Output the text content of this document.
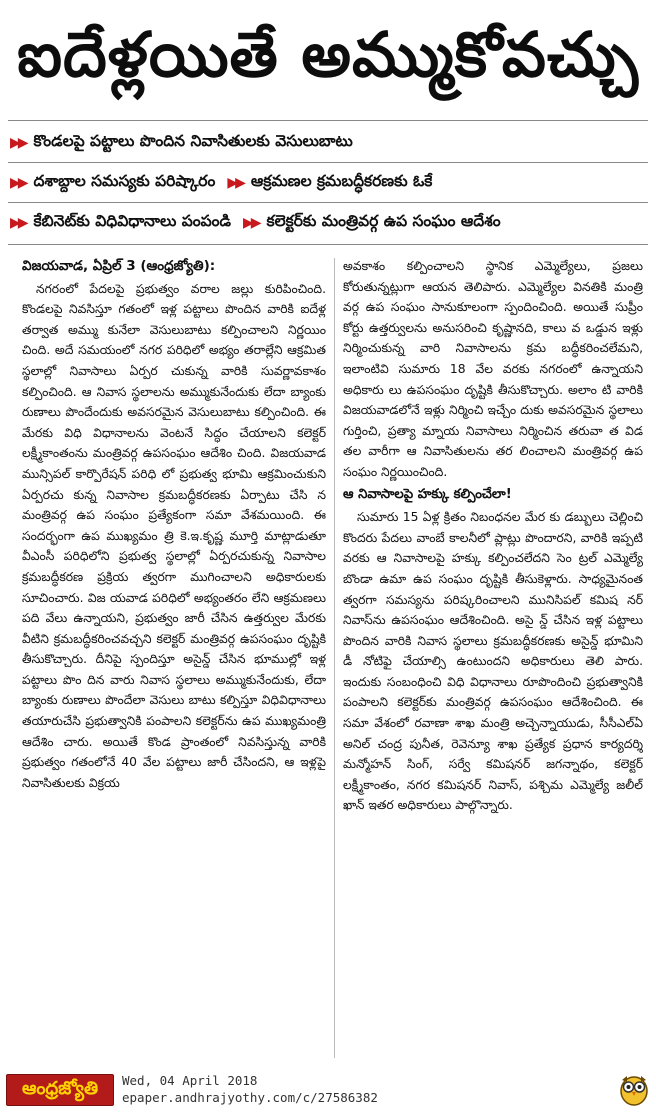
ఐదేళ్లయితే అమ్ముకోవచ్చు
▶▶ కొండలపై పట్టాలు పొందిన నివాసితులకు వెసులుబాటు
▶▶ దశాబ్దాల సమస్యకు పరిష్కారం ▶▶ ఆక్రమణల క్రమబద్ధీకరణకు ఓకే
▶▶ కేబినెట్‌కు విధివిధానాలు పంపండి ▶▶ కలెక్టర్‌కు మంత్రివర్గ ఉప సంఘం ఆదేశం

విజయవాడ, ఏప్రిల్ 3 (ఆంధ్రజ్యోతి):

నగరంలో పేదలపై ప్రభుత్వం వరాల జల్లు కురిపించింది. కొండలపై నివసిస్తూ గతంలో ఇళ్ల పట్టాలు పొందిన వారికి ఐదేళ్ల తర్వాత అమ్ము కునేలా వెసులుబాటు కల్పించాలని నిర్ణయిం చింది. అదే సమయంలో నగర పరిధిలో అభ్యం తరాల్లేని ఆక్రమిత స్థలాల్లో నివాసాలు ఏర్పర చుకున్న వారికి సువర్ణావకాశం కల్పించింది. ఆ నివాస స్థలాలను అమ్ముకునేందుకు లేదా బ్యాంకు రుణాలు పొందేందుకు అవసరమైన వెసులుబాటు కల్పించింది. ఈ మేరకు విధి విధానాలను వెంటనే సిద్ధం చేయాలని కలెక్టర్ లక్ష్మీకాంతంను మంత్రివర్గ ఉపసంఘం ఆదేశిం చింది. విజయవాడ మున్సిపల్ కార్పొరేషన్ పరిధి లో ప్రభుత్వ భూమి ఆక్రమించుకుని ఏర్పరచు కున్న నివాసాల క్రమబద్ధీకరణకు ఏర్పాటు చేసి న మంత్రివర్గ ఉప సంఘం ప్రత్యేకంగా సమా వేశమయింది. ఈ సందర్భంగా ఉప ముఖ్యమం త్రి కె.ఇ.కృష్ణ మూర్తి మాట్లాడుతూ వీఎంసీ పరిధిలోని ప్రభుత్వ స్థలాల్లో ఏర్పరచుకున్న నివాసాల క్రమబద్ధీకరణ ప్రక్రియ త్వరగా ముగించాలని అధికారులకు సూచించారు. విజ యవాడ పరిధిలో అభ్యంతరం లేని ఆక్రమణలు పది వేలు ఉన్నాయని, ప్రభుత్వం జారీ చేసిన ఉత్తర్వుల మేరకు వీటిని క్రమబద్ధీకరించవచ్చని కలెక్టర్ మంత్రివర్గ ఉపసంఘం దృష్టికి తీసుకొచ్చారు. దీనిపై స్పందిస్తూ అసైన్డ్ చేసిన భూముల్లో ఇళ్ల పట్టాలు పొం దిన వారు నివాస స్థలాలు అమ్ముకునేందుకు, లేదా బ్యాంకు రుణాలు పొందేలా వెసులు బాటు కల్పిస్తూ విధివిధానాలు తయారుచేసి ప్రభుత్వానికి పంపాలని కలెక్టర్‌ను ఉప ముఖ్యమంత్రి ఆదేశిం చారు. అయితే కొండ ప్రాంతంలో నివసిస్తున్న వారికి ప్రభుత్వం గతంలోనే 40 వేల పట్టాలు జారీ చేసిందని, ఆ ఇళ్లపై నివాసితులకు విక్రయ

అవకాశం కల్పించాలని స్థానిక ఎమ్మెల్యేలు, ప్రజలు కోరుతున్నట్లుగా ఆయన తెలిపారు. ఎమ్మెల్యేల వినతికి మంత్రి వర్గ ఉప సంఘం సానుకూలంగా స్పందించింది. అయితే సుప్రీం కోర్టు ఉత్తర్వులను అనుసరించి కృష్ణానది, కాలు వ ఒడ్డున ఇళ్లు నిర్మించుకున్న వారి నివాసాలను క్రమ బద్ధీకరించలేమని, ఇలాంటివి సుమారు 18 వేల వరకు నగరంలో ఉన్నాయని అధికారు లు ఉపసంఘం దృష్టికి తీసుకొచ్చారు. అలాం టి వారికి విజయవాడలోనే ఇళ్లు నిర్మించి ఇచ్చేం దుకు అవసరమైన స్థలాలు గుర్తించి, ప్రత్యా మ్నాయ నివాసాలు నిర్మించిన తరువా త విడ తల వారీగా ఆ నివాసితులను తర లించాలని మంత్రివర్గ ఉప సంఘం నిర్ణయించింది.

ఆ నివాసాలపై హక్కు కల్పించేలా!

సుమారు 15 ఏళ్ల క్రితం నిబంధనల మేర కు డబ్బులు చెల్లించి కొందరు పేదలు వాంబే కాలనీలో ప్లాట్లు పొందారని, వారికి ఇప్పటి వరకు ఆ నివాసాలపై హక్కు కల్పించలేదని సెం ట్రల్ ఎమ్మెల్యే బొండా ఉమా ఉప సంఘం దృష్టికి తీసుకెళ్లారు. సాధ్యమైనంత త్వరగా సమస్యను పరిష్కరించాలని మునిసిపల్ కమిష నర్ నివాస్‌ను ఉపసంఘం ఆదేశించింది. అసై న్డ్ చేసిన ఇళ్ల పట్టాలు పొందిన వారికి నివాస స్థలాలు క్రమబద్ధీకరణకు అసైన్డ్ భూమిని డీ నోటిఫై చేయాల్సి ఉంటుందని అధికారులు తెలి పారు. ఇందుకు సంబంధించి విధి విధానాలు రూపొందించి ప్రభుత్వానికి పంపాలని కలెక్టర్‌కు మంత్రివర్గ ఉపసంఘం ఆదేశించింది. ఈ సమా వేశంలో రవాణా శాఖ మంత్రి అచ్చెన్నాయుడు, సీసీఎల్ఏ అనిల్ చంద్ర పునీత, రెవెన్యూ శాఖ ప్రత్యేక ప్రధాన కార్యదర్శి మన్మోహన్ సింగ్, సర్వే కమిషనర్ జగన్నాథం, కలెక్టర్ లక్ష్మీకాంతం, నగర కమిషనర్ నివాస్, పశ్చిమ ఎమ్మెల్యే జలీల్ ఖాన్ ఇతర అధికారులు పాల్గొన్నారు.

ఆంధ్రజ్యోతి	Wed, 04 April 2018
epaper.andhrajyothy.com/c/27586382
